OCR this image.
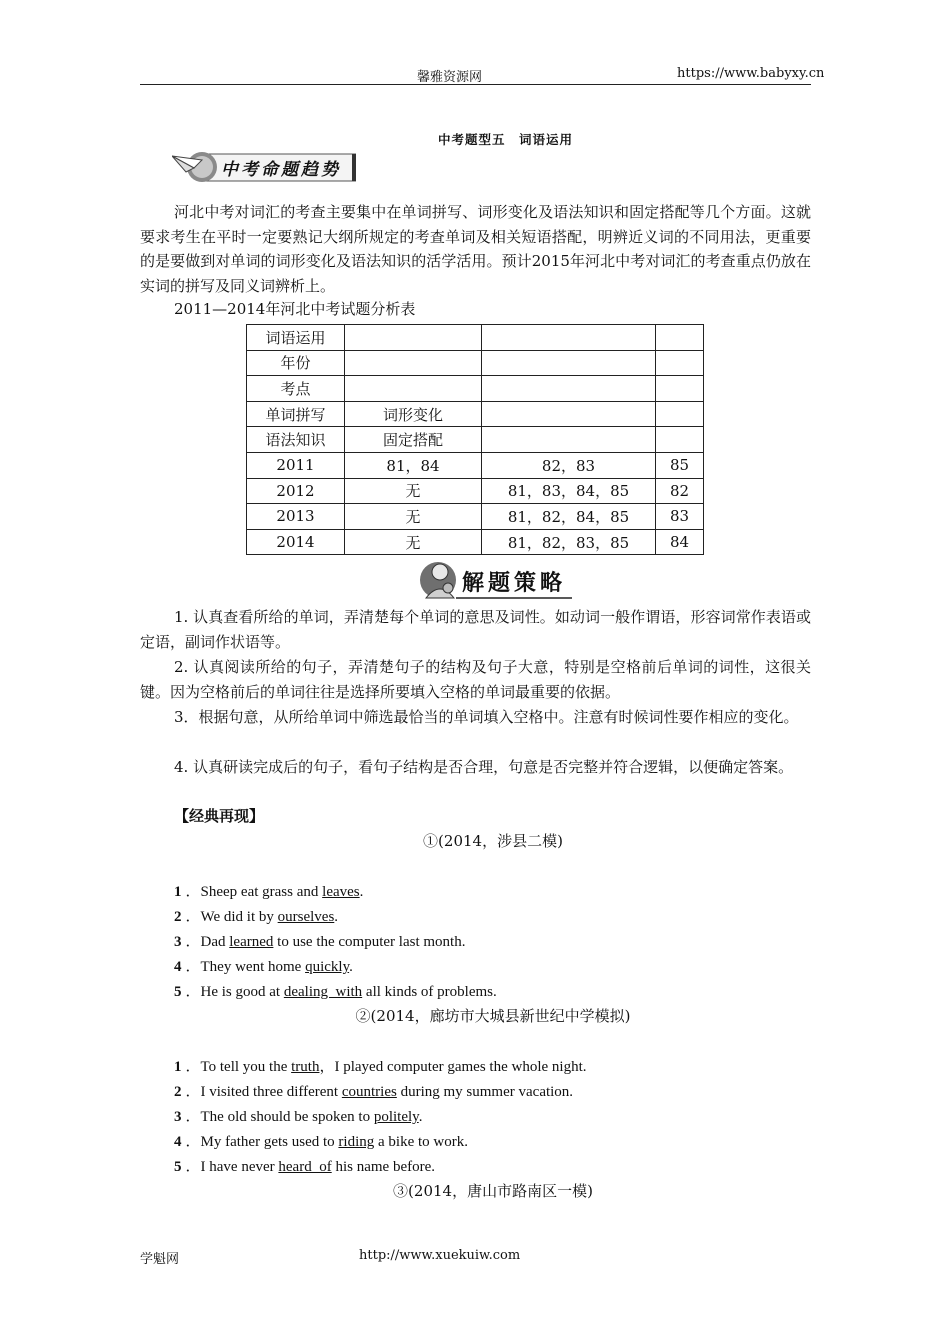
馨雅资源网	https://www.babyxy.cn
中考题型五　词语运用
中考命题趋势
河北中考对词汇的考查主要集中在单词拼写、词形变化及语法知识和固定搭配等几个方面。这就要求考生在平时一定要熟记大纲所规定的考查单词及相关短语搭配，明辨近义词的不同用法，更重要的是要做到对单词的词形变化及语法知识的活学活用。预计2015年河北中考对词汇的考查重点仍放在实词的拼写及同义词辨析上。
2011—2014年河北中考试题分析表
词语运用			
年份			
考点			
单词拼写	词形变化		
语法知识	固定搭配		
2011	81，84	82，83	85
2012	无	81，83，84，85	82
2013	无	81，82，84，85	83
2014	无	81，82，83，85	84
解题策略
1. 认真查看所给的单词，弄清楚每个单词的意思及词性。如动词一般作谓语，形容词常作表语或定语，副词作状语等。
2. 认真阅读所给的句子，弄清楚句子的结构及句子大意，特别是空格前后单词的词性，这很关键。因为空格前后的单词往往是选择所要填入空格的单词最重要的依据。
3．根据句意，从所给单词中筛选最恰当的单词填入空格中。注意有时候词性要作相应的变化。
4. 认真研读完成后的句子，看句子结构是否合理，句意是否完整并符合逻辑，以便确定答案。
【经典再现】
①(2014，涉县二模)
1 ．Sheep eat grass and leaves.
2 ．We did it by ourselves.
3 ．Dad learned to use the computer last month.
4 ．They went home quickly.
5 ．He is good at dealing  with all kinds of problems.
②(2014，廊坊市大城县新世纪中学模拟)
1 ．To tell you the truth，I played computer games the whole night.
2 ．I visited three different countries during my summer vacation.
3 ．The old should be spoken to politely.
4 ．My father gets used to riding a bike to work.
5 ．I have never heard  of his name before.
③(2014，唐山市路南区一模)
学魁网	http://www.xuekuiw.com
